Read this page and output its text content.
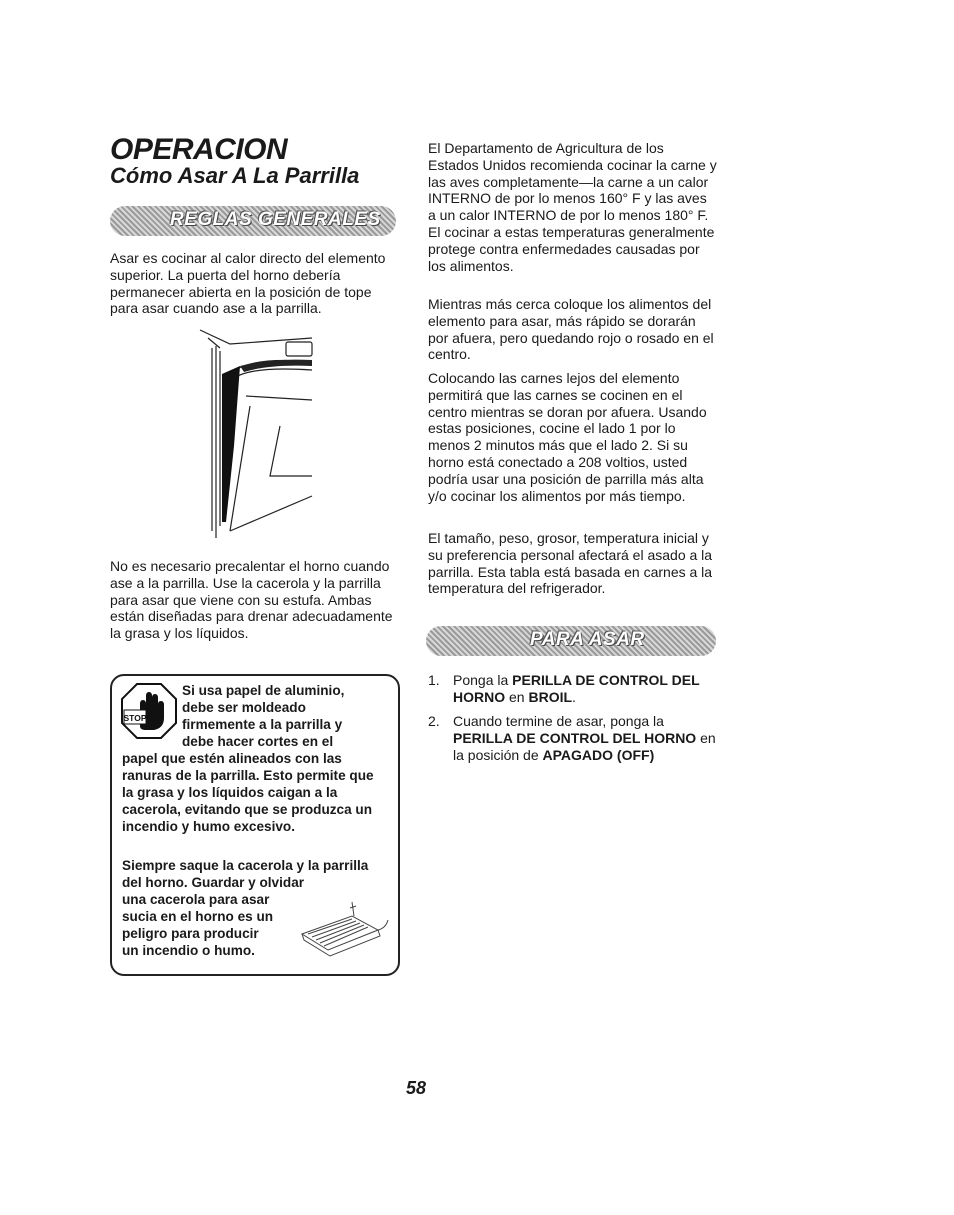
OPERACION
Cómo Asar A La Parrilla
REGLAS GENERALES
Asar es cocinar al calor directo del elemento superior. La puerta del horno debería permanecer abierta en la posición de tope para asar cuando ase a la parrilla.
No es necesario precalentar el horno cuando ase a la parrilla. Use la cacerola y la parrilla para asar que viene con su estufa. Ambas están diseñadas para drenar adecuadamente la grasa y los líquidos.
STOP
Si usa papel de aluminio,
debe ser moldeado
firmemente a la parrilla y
debe hacer cortes en el
papel que estén alineados con las ranuras de la parrilla. Esto permite que la grasa y los líquidos caigan a la cacerola, evitando que se produzca un incendio y humo excesivo.
Siempre saque la cacerola y la parrilla del horno. Guardar y olvidar
una cacerola para asar
sucia en el horno es un
peligro para producir
un incendio o humo.
El Departamento de Agricultura de los Estados Unidos recomienda cocinar la carne y las aves completamente—la carne a un calor INTERNO de por lo menos 160° F y las aves a un calor INTERNO de por lo menos 180° F. El cocinar a estas temperaturas generalmente protege contra enfermedades causadas por los alimentos.
Mientras más cerca coloque los alimentos del elemento para asar, más rápido se dorarán por afuera, pero quedando rojo o rosado en el centro.
Colocando las carnes lejos del elemento permitirá que las carnes se cocinen en el centro mientras se doran por afuera. Usando estas posiciones, cocine el lado 1 por lo menos 2 minutos más que el lado 2. Si su horno está conectado a 208 voltios, usted podría usar una posición de parrilla más alta y/o cocinar los alimentos por más tiempo.
El tamaño, peso, grosor, temperatura inicial y su preferencia personal afectará el asado a la parrilla. Esta tabla está basada en carnes a la temperatura del refrigerador.
PARA ASAR
1. Ponga la PERILLA DE CONTROL DEL HORNO en BROIL.
2. Cuando termine de asar, ponga la PERILLA DE CONTROL DEL HORNO en la posición de APAGADO (OFF)
58
